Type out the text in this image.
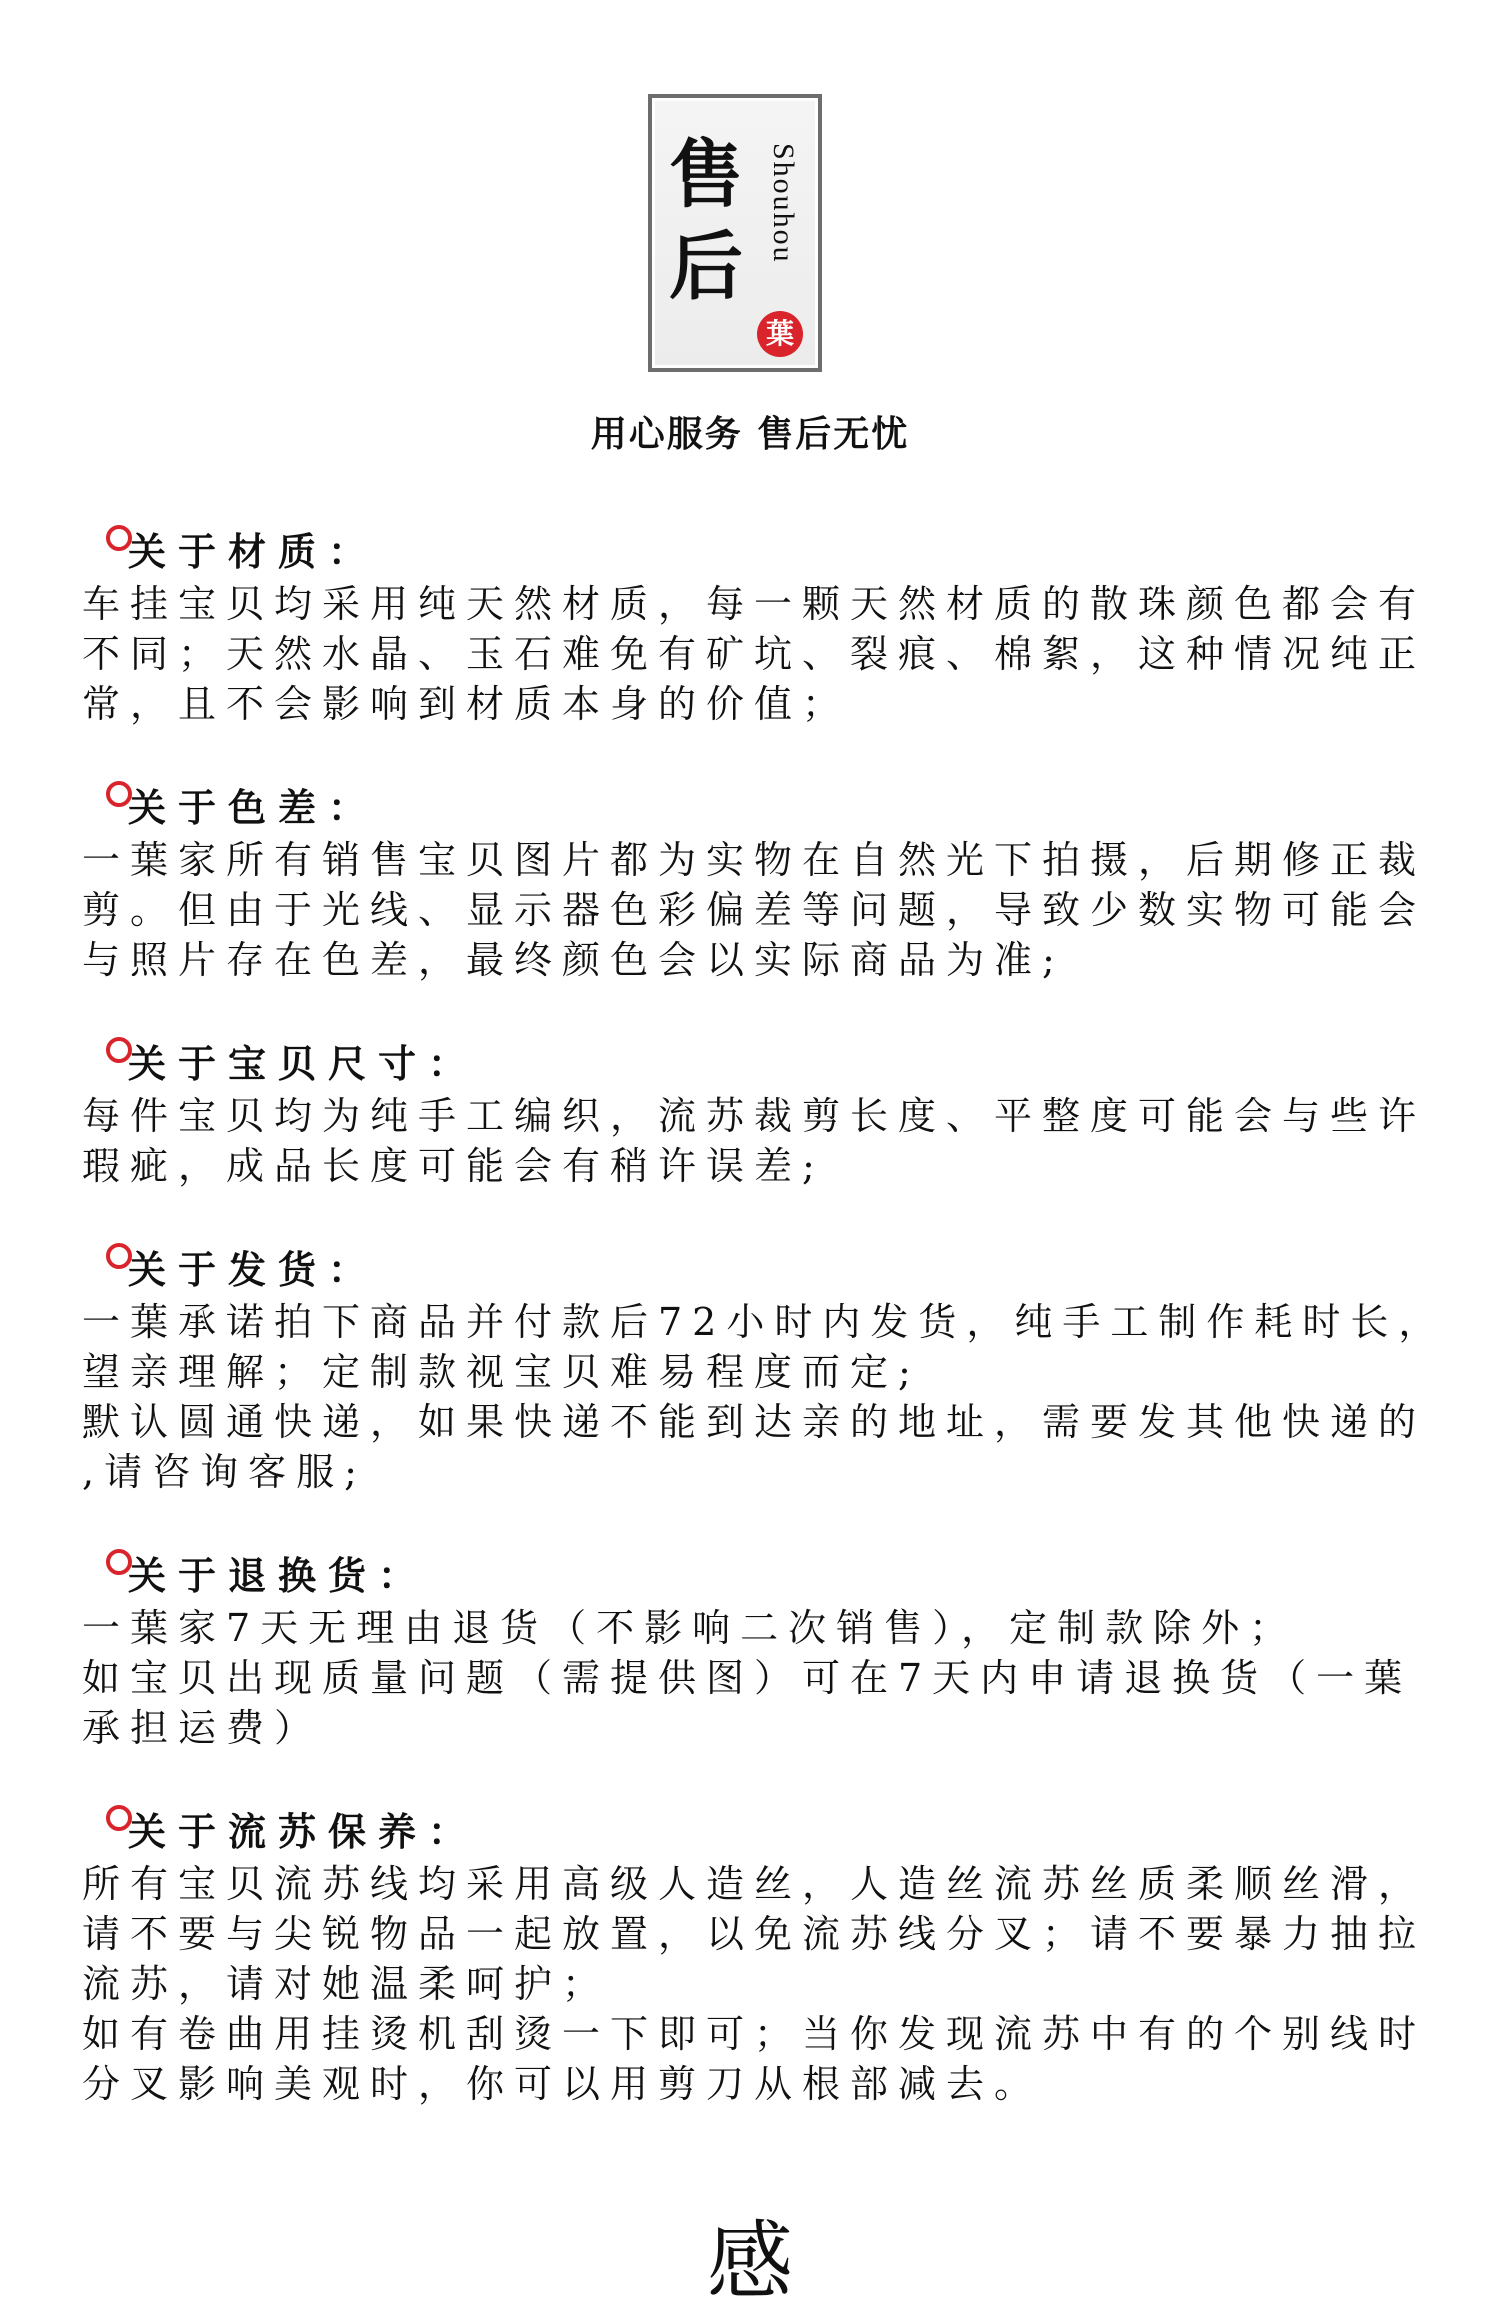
售
后
Shouhou
葉
用心服务 售后无忧
关于材质：
车挂宝贝均采用纯天然材质，每一颗天然材质的散珠颜色都会有
不同；天然水晶、玉石难免有矿坑、裂痕、棉絮，这种情况纯正
常，且不会影响到材质本身的价值；
关于色差：
一葉家所有销售宝贝图片都为实物在自然光下拍摄，后期修正裁
剪。但由于光线、显示器色彩偏差等问题，导致少数实物可能会
与照片存在色差，最终颜色会以实际商品为准;
关于宝贝尺寸：
每件宝贝均为纯手工编织，流苏裁剪长度、平整度可能会与些许
瑕疵，成品长度可能会有稍许误差;
关于发货：
一葉承诺拍下商品并付款后72小时内发货，纯手工制作耗时长，
望亲理解；定制款视宝贝难易程度而定;
默认圆通快递，如果快递不能到达亲的地址，需要发其他快递的
,请咨询客服;
关于退换货：
一葉家7天无理由退货（不影响二次销售），定制款除外；
如宝贝出现质量问题（需提供图）可在7天内申请退换货（一葉
承担运费）
关于流苏保养：
所有宝贝流苏线均采用高级人造丝，人造丝流苏丝质柔顺丝滑，
请不要与尖锐物品一起放置，以免流苏线分叉；请不要暴力抽拉
流苏，请对她温柔呵护；
如有卷曲用挂烫机刮烫一下即可；当你发现流苏中有的个别线时
分叉影响美观时，你可以用剪刀从根部减去。
感
